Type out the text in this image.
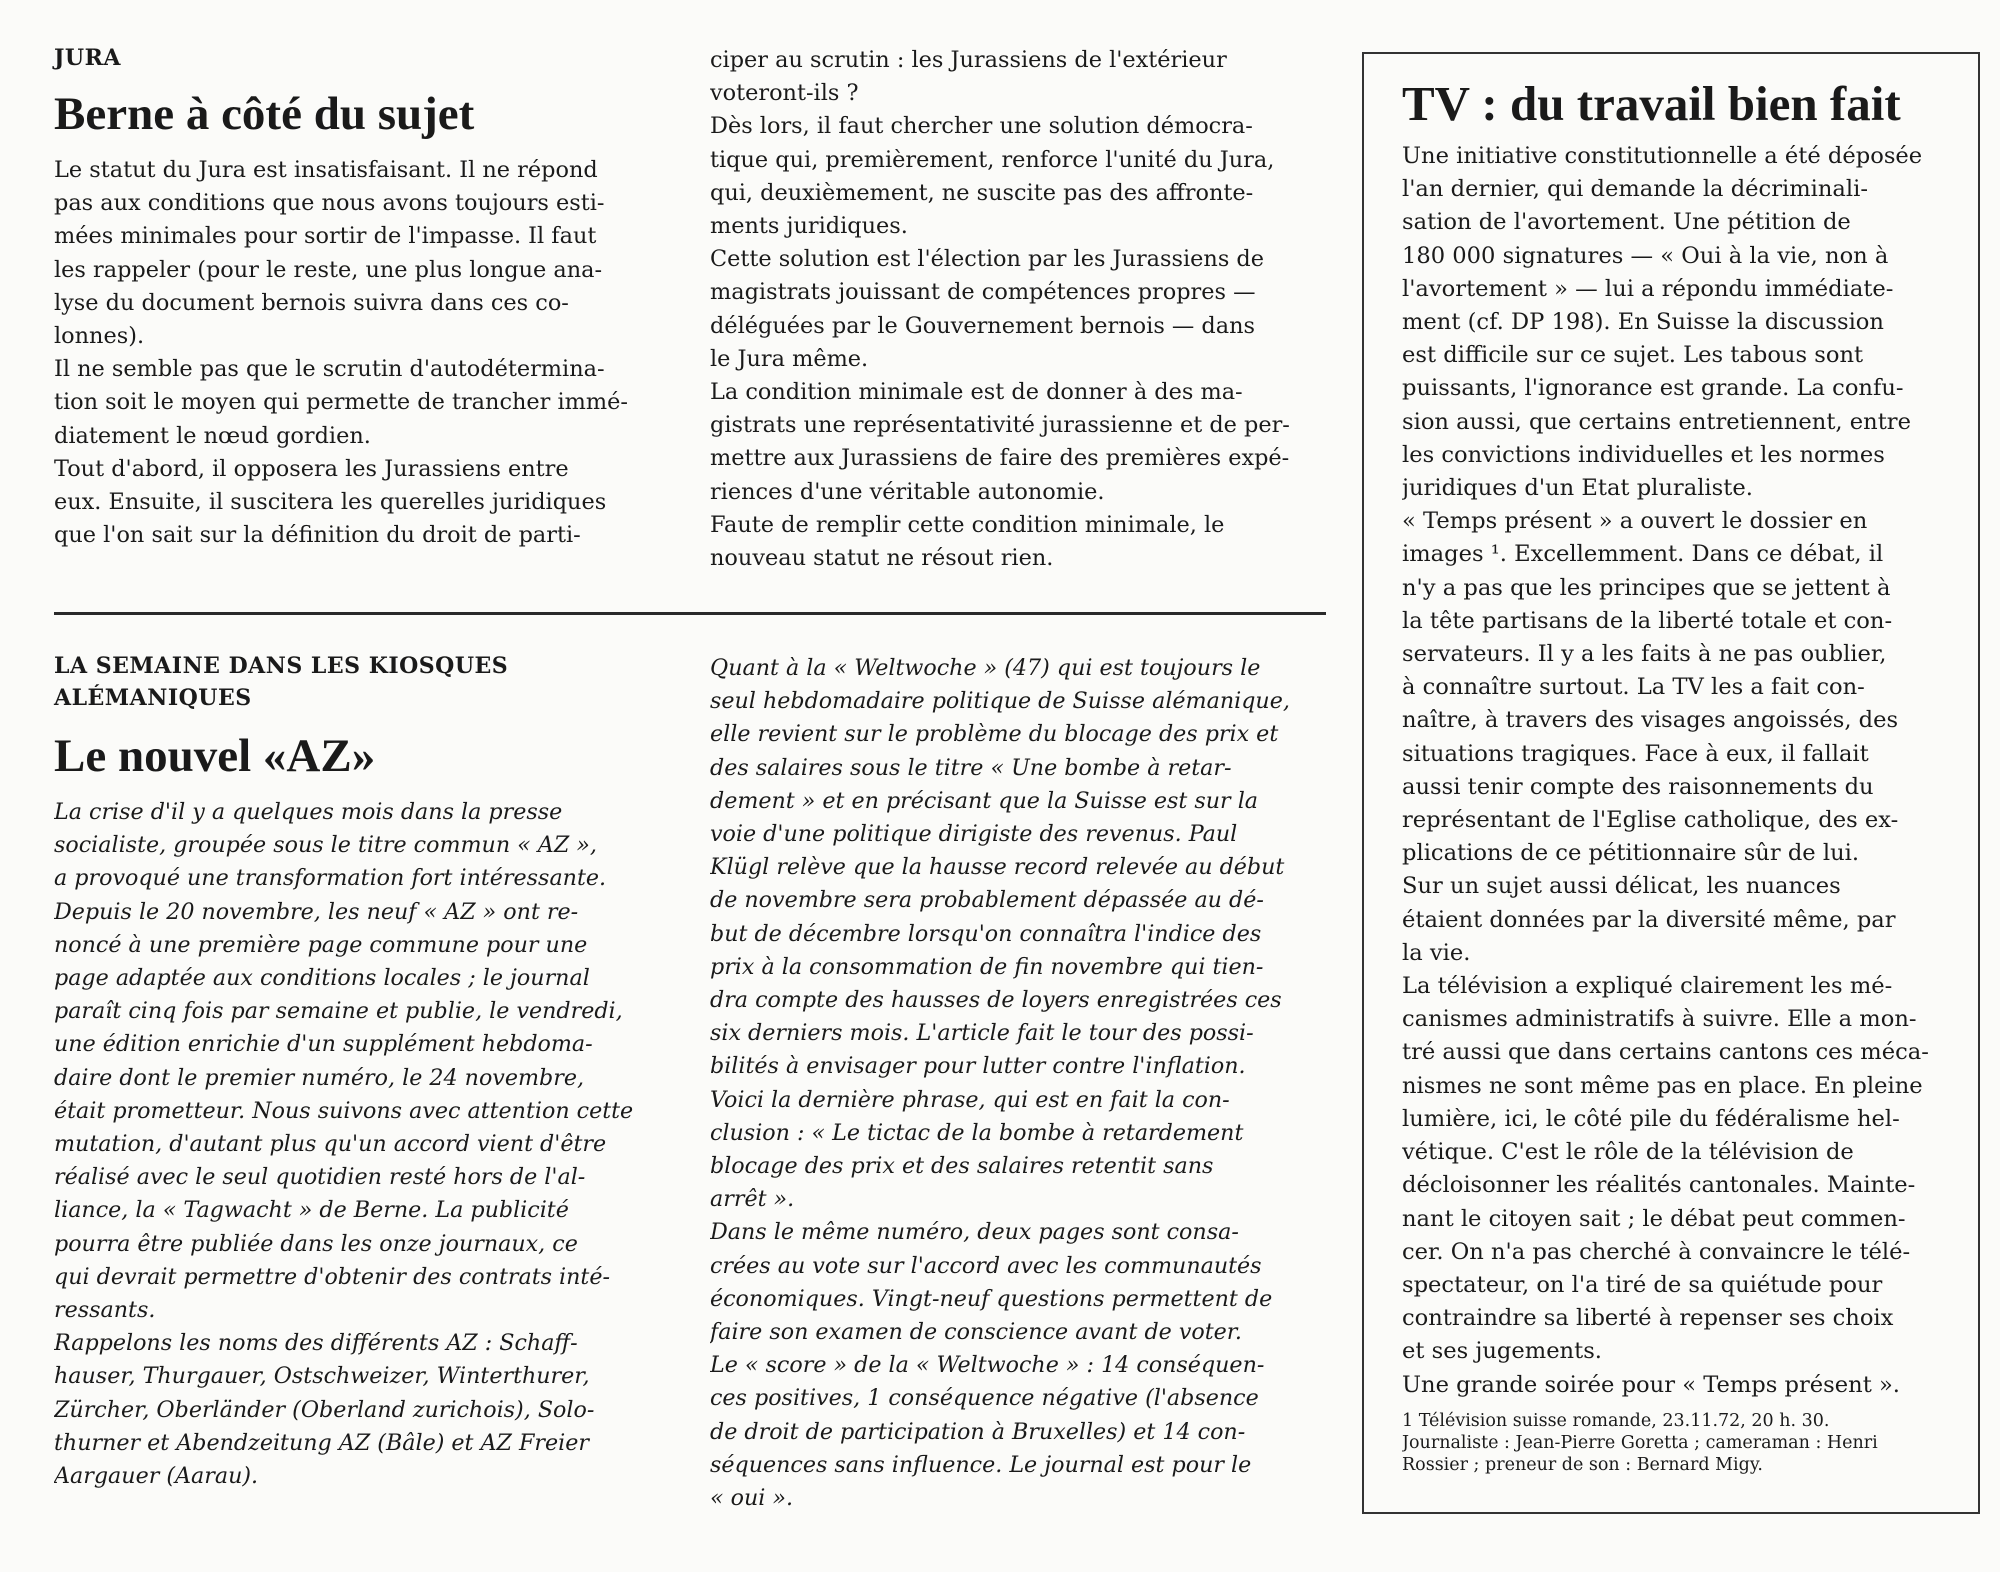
JURA

Berne à côté du sujet
Le statut du Jura est insatisfaisant. Il ne répond
pas aux conditions que nous avons toujours esti-
mées minimales pour sortir de l'impasse. Il faut
les rappeler (pour le reste, une plus longue ana-
lyse du document bernois suivra dans ces co-
lonnes).
Il ne semble pas que le scrutin d'autodétermina-
tion soit le moyen qui permette de trancher immé-
diatement le nœud gordien.
Tout d'abord, il opposera les Jurassiens entre
eux. Ensuite, il suscitera les querelles juridiques
que l'on sait sur la définition du droit de parti-
ciper au scrutin : les Jurassiens de l'extérieur
voteront-ils ?
Dès lors, il faut chercher une solution démocra-
tique qui, premièrement, renforce l'unité du Jura,
qui, deuxièmement, ne suscite pas des affronte-
ments juridiques.
Cette solution est l'élection par les Jurassiens de
magistrats jouissant de compétences propres —
déléguées par le Gouvernement bernois — dans
le Jura même.
La condition minimale est de donner à des ma-
gistrats une représentativité jurassienne et de per-
mettre aux Jurassiens de faire des premières expé-
riences d'une véritable autonomie.
Faute de remplir cette condition minimale, le
nouveau statut ne résout rien.

LA SEMAINE DANS LES KIOSQUES

ALÉMANIQUES

Le nouvel «AZ»
La crise d'il y a quelques mois dans la presse
socialiste, groupée sous le titre commun « AZ »,
a provoqué une transformation fort intéressante.
Depuis le 20 novembre, les neuf « AZ » ont re-
noncé à une première page commune pour une
page adaptée aux conditions locales ; le journal
paraît cinq fois par semaine et publie, le vendredi,
une édition enrichie d'un supplément hebdoma-
daire dont le premier numéro, le 24 novembre,
était prometteur. Nous suivons avec attention cette
mutation, d'autant plus qu'un accord vient d'être
réalisé avec le seul quotidien resté hors de l'al-
liance, la « Tagwacht » de Berne. La publicité
pourra être publiée dans les onze journaux, ce
qui devrait permettre d'obtenir des contrats inté-
ressants.
Rappelons les noms des différents AZ : Schaff-
hauser, Thurgauer, Ostschweizer, Winterthurer,
Zürcher, Oberländer (Oberland zurichois), Solo-
thurner et Abendzeitung AZ (Bâle) et AZ Freier
Aargauer (Aarau).
Quant à la « Weltwoche » (47) qui est toujours le
seul hebdomadaire politique de Suisse alémanique,
elle revient sur le problème du blocage des prix et
des salaires sous le titre « Une bombe à retar-
dement » et en précisant que la Suisse est sur la
voie d'une politique dirigiste des revenus. Paul
Klügl relève que la hausse record relevée au début
de novembre sera probablement dépassée au dé-
but de décembre lorsqu'on connaîtra l'indice des
prix à la consommation de fin novembre qui tien-
dra compte des hausses de loyers enregistrées ces
six derniers mois. L'article fait le tour des possi-
bilités à envisager pour lutter contre l'inflation.
Voici la dernière phrase, qui est en fait la con-
clusion : « Le tictac de la bombe à retardement
blocage des prix et des salaires retentit sans
arrêt ».
Dans le même numéro, deux pages sont consa-
crées au vote sur l'accord avec les communautés
économiques. Vingt-neuf questions permettent de
faire son examen de conscience avant de voter.
Le « score » de la « Weltwoche » : 14 conséquen-
ces positives, 1 conséquence négative (l'absence
de droit de participation à Bruxelles) et 14 con-
séquences sans influence. Le journal est pour le
« oui ».
TV : du travail bien fait
Une initiative constitutionnelle a été déposée
l'an dernier, qui demande la décriminali-
sation de l'avortement. Une pétition de
180 000 signatures — « Oui à la vie, non à
l'avortement » — lui a répondu immédiate-
ment (cf. DP 198). En Suisse la discussion
est difficile sur ce sujet. Les tabous sont
puissants, l'ignorance est grande. La confu-
sion aussi, que certains entretiennent, entre
les convictions individuelles et les normes
juridiques d'un Etat pluraliste.
« Temps présent » a ouvert le dossier en
images ¹. Excellemment. Dans ce débat, il
n'y a pas que les principes que se jettent à
la tête partisans de la liberté totale et con-
servateurs. Il y a les faits à ne pas oublier,
à connaître surtout. La TV les a fait con-
naître, à travers des visages angoissés, des
situations tragiques. Face à eux, il fallait
aussi tenir compte des raisonnements du
représentant de l'Eglise catholique, des ex-
plications de ce pétitionnaire sûr de lui.
Sur un sujet aussi délicat, les nuances
étaient données par la diversité même, par
la vie.
La télévision a expliqué clairement les mé-
canismes administratifs à suivre. Elle a mon-
tré aussi que dans certains cantons ces méca-
nismes ne sont même pas en place. En pleine
lumière, ici, le côté pile du fédéralisme hel-
vétique. C'est le rôle de la télévision de
décloisonner les réalités cantonales. Mainte-
nant le citoyen sait ; le débat peut commen-
cer. On n'a pas cherché à convaincre le télé-
spectateur, on l'a tiré de sa quiétude pour
contraindre sa liberté à repenser ses choix
et ses jugements.
Une grande soirée pour « Temps présent ».
1 Télévision suisse romande, 23.11.72, 20 h. 30.
Journaliste : Jean-Pierre Goretta ; cameraman : Henri
Rossier ; preneur de son : Bernard Migy.
